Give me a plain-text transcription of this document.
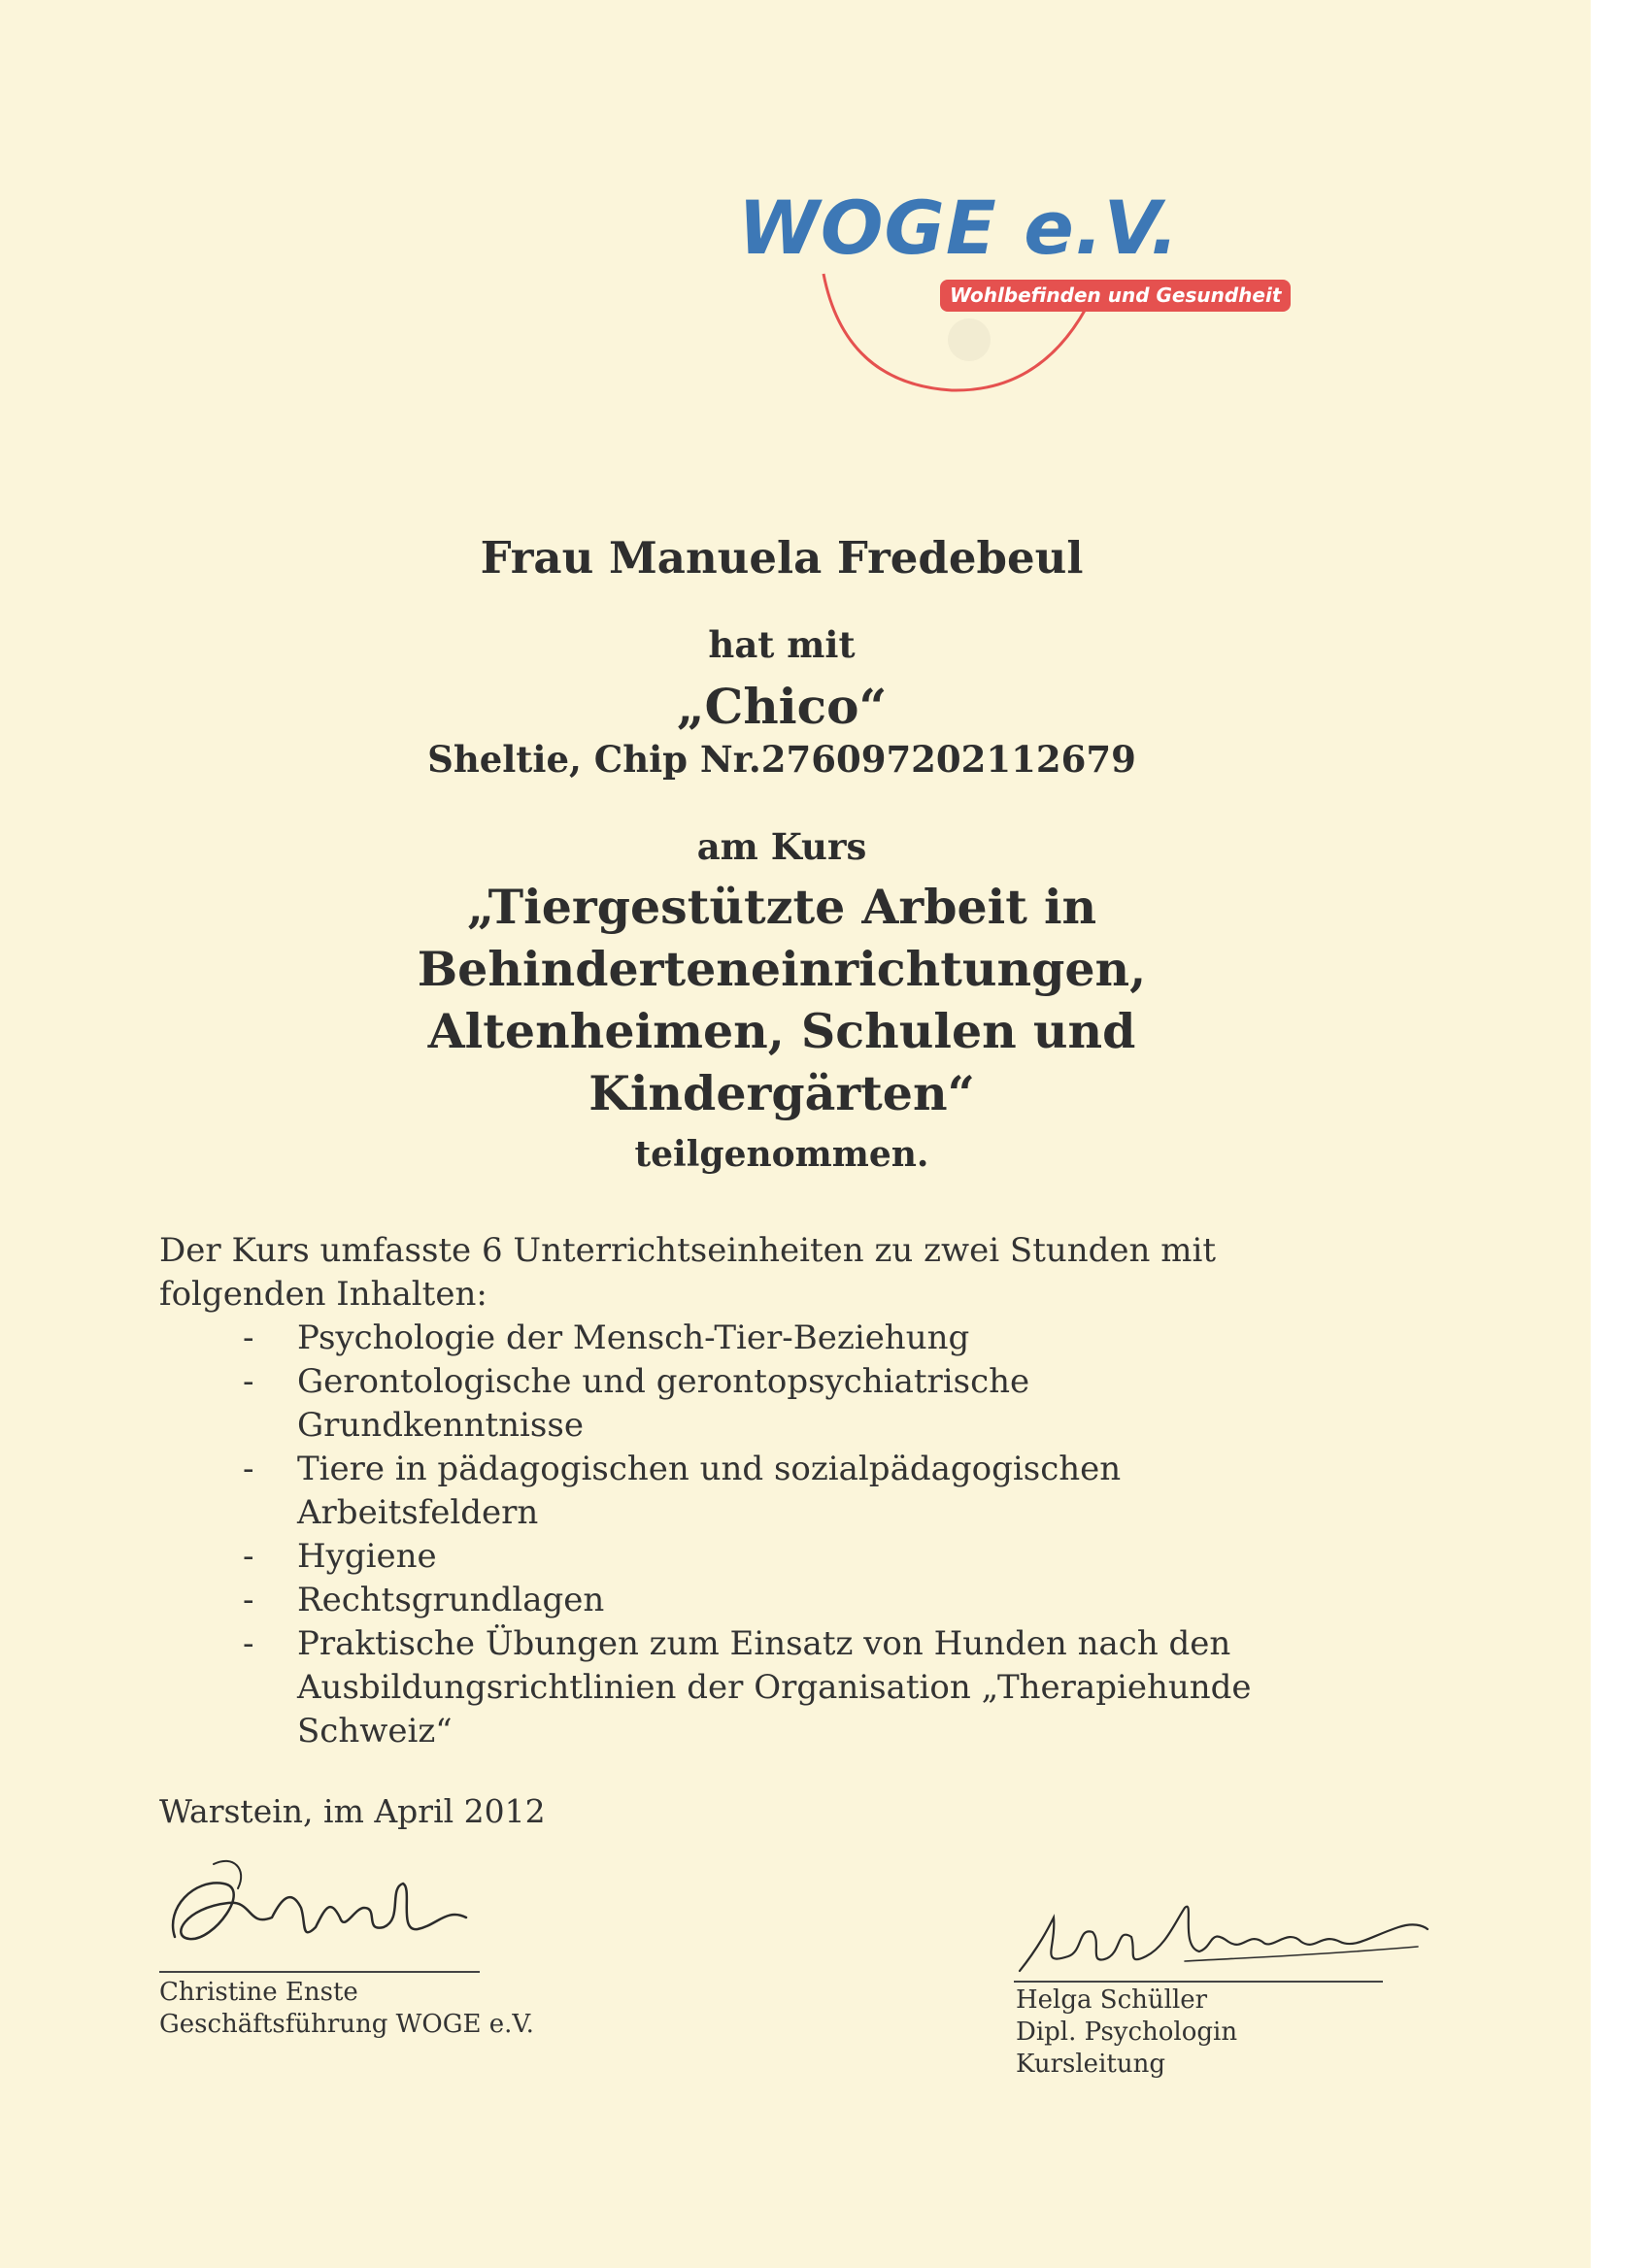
WOGE e.V.
Wohlbefinden und Gesundheit
Frau Manuela Fredebeul
hat mit
„Chico“
Sheltie, Chip Nr.276097202112679
am Kurs
„Tiergestützte Arbeit in
Behinderteneinrichtungen,
Altenheimen, Schulen und
Kindergärten“
teilgenommen.
Der Kurs umfasste 6 Unterrichtseinheiten zu zwei Stunden mit
folgenden Inhalten:
- Psychologie der Mensch-Tier-Beziehung
- Gerontologische und gerontopsychiatrische
Grundkenntnisse
- Tiere in pädagogischen und sozialpädagogischen
Arbeitsfeldern
- Hygiene
- Rechtsgrundlagen
- Praktische Übungen zum Einsatz von Hunden nach den
Ausbildungsrichtlinien der Organisation „Therapiehunde
Schweiz“
Warstein, im April 2012
Christine Enste
Geschäftsführung WOGE e.V.
Helga Schüller
Dipl. Psychologin
Kursleitung
